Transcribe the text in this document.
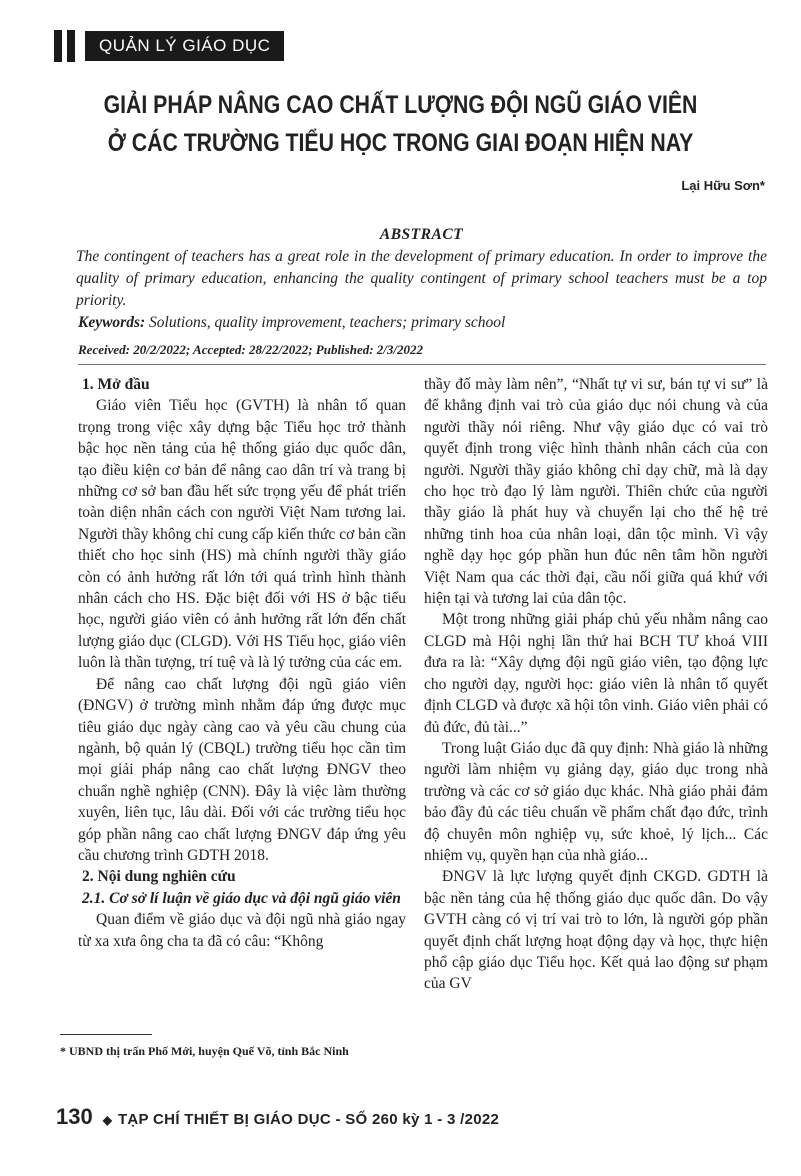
QUẢN LÝ GIÁO DỤC
GIẢI PHÁP NÂNG CAO CHẤT LƯỢNG ĐỘI NGŨ GIÁO VIÊN
Ở CÁC TRƯỜNG TIỂU HỌC TRONG GIAI ĐOẠN HIỆN NAY
Lại Hữu Sơn*
ABSTRACT
The contingent of teachers has a great role in the development of primary education. In order to improve the quality of primary education, enhancing the quality contingent of primary school teachers must be a top priority.
Keywords: Solutions, quality improvement, teachers; primary school
Received: 20/2/2022; Accepted: 28/22/2022; Published: 2/3/2022

1. Mở đầu

Giáo viên Tiểu học (GVTH) là nhân tố quan trọng trong việc xây dựng bậc Tiểu học trở thành bậc học nền tảng của hệ thống giáo dục quốc dân, tạo điều kiện cơ bản để nâng cao dân trí và trang bị những cơ sở ban đầu hết sức trọng yếu để phát triển toàn diện nhân cách con người Việt Nam tương lai. Người thầy không chỉ cung cấp kiến thức cơ bản cần thiết cho học sinh (HS) mà chính người thầy giáo còn có ảnh hưởng rất lớn tới quá trình hình thành nhân cách cho HS. Đặc biệt đối với HS ở bậc tiểu học, người giáo viên có ảnh hưởng rất lớn đến chất lượng giáo dục (CLGD). Với HS Tiểu học, giáo viên luôn là thần tượng, trí tuệ và là lý tưởng của các em.

Để nâng cao chất lượng đội ngũ giáo viên (ĐNGV) ở trường mình nhằm đáp ứng được mục tiêu giáo dục ngày càng cao và yêu cầu chung của ngành, bộ quản lý (CBQL) trường tiểu học cần tìm mọi giải pháp nâng cao chất lượng ĐNGV theo chuẩn nghề nghiệp (CNN). Đây là việc làm thường xuyên, liên tục, lâu dài. Đối với các trường tiểu học góp phần nâng cao chất lượng ĐNGV đáp ứng yêu cầu chương trình GDTH 2018.

2. Nội dung nghiên cứu

2.1. Cơ sở lí luận về giáo dục và đội ngũ giáo viên

Quan điểm về giáo dục và đội ngũ nhà giáo ngay từ xa xưa ông cha ta đã có câu: “Không

thầy đố mày làm nên”, “Nhất tự vi sư, bán tự vi sư” là để khẳng định vai trò của giáo dục nói chung và của người thầy nói riêng. Như vậy giáo dục có vai trò quyết định trong việc hình thành nhân cách của con người. Người thầy giáo không chỉ dạy chữ, mà là dạy cho học trò đạo lý làm người. Thiên chức của người thầy giáo là phát huy và chuyển lại cho thế hệ trẻ những tinh hoa của nhân loại, dân tộc mình. Vì vậy nghề dạy học góp phần hun đúc nên tâm hồn người Việt Nam qua các thời đại, cầu nối giữa quá khứ với hiện tại và tương lai của dân tộc.

Một trong những giải pháp chủ yếu nhằm nâng cao CLGD mà Hội nghị lần thứ hai BCH TƯ khoá VIII đưa ra là: “Xây dựng đội ngũ giáo viên, tạo động lực cho người dạy, người học: giáo viên là nhân tố quyết định CLGD và được xã hội tôn vinh. Giáo viên phải có đủ đức, đủ tài...”

Trong luật Giáo dục đã quy định: Nhà giáo là những người làm nhiệm vụ giảng dạy, giáo dục trong nhà trường và các cơ sở giáo dục khác. Nhà giáo phải đảm bảo đầy đủ các tiêu chuẩn về phẩm chất đạo đức, trình độ chuyên môn nghiệp vụ, sức khoẻ, lý lịch... Các nhiệm vụ, quyền hạn của nhà giáo...

ĐNGV là lực lượng quyết định CKGD. GDTH là bậc nền tảng của hệ thống giáo dục quốc dân. Do vậy GVTH càng có vị trí vai trò to lớn, là người góp phần quyết định chất lượng hoạt động dạy và học, thực hiện phổ cập giáo dục Tiểu học. Kết quả lao động sư phạm của GV

* UBND thị trấn Phố Mới, huyện Quế Võ, tỉnh Bắc Ninh
130 ◆ TẠP CHÍ THIẾT BỊ GIÁO DỤC - SỐ 260 kỳ 1 - 3 /2022
